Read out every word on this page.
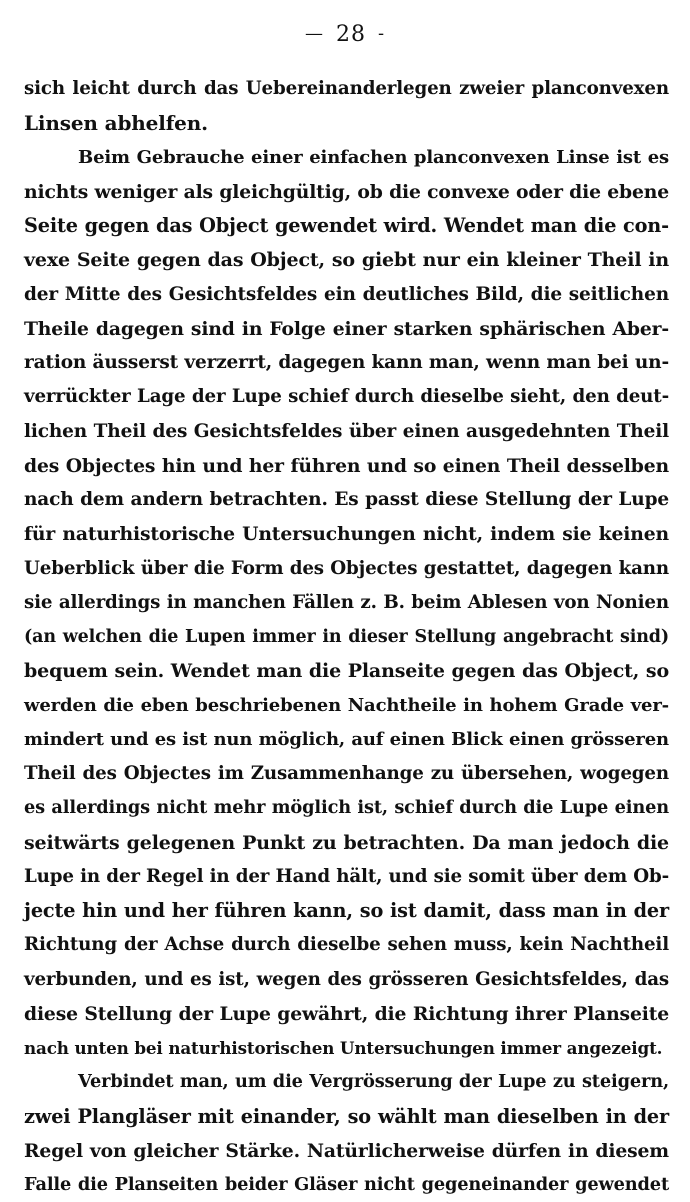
— 28 -
sich leicht durch das Uebereinanderlegen zweier planconvexen
Linsen abhelfen.
Beim Gebrauche einer einfachen planconvexen Linse ist es
nichts weniger als gleichgültig, ob die convexe oder die ebene
Seite gegen das Object gewendet wird. Wendet man die con-
vexe Seite gegen das Object, so giebt nur ein kleiner Theil in
der Mitte des Gesichtsfeldes ein deutliches Bild, die seitlichen
Theile dagegen sind in Folge einer starken sphärischen Aber-
ration äusserst verzerrt, dagegen kann man, wenn man bei un-
verrückter Lage der Lupe schief durch dieselbe sieht, den deut-
lichen Theil des Gesichtsfeldes über einen ausgedehnten Theil
des Objectes hin und her führen und so einen Theil desselben
nach dem andern betrachten. Es passt diese Stellung der Lupe
für naturhistorische Untersuchungen nicht, indem sie keinen
Ueberblick über die Form des Objectes gestattet, dagegen kann
sie allerdings in manchen Fällen z. B. beim Ablesen von Nonien
(an welchen die Lupen immer in dieser Stellung angebracht sind)
bequem sein. Wendet man die Planseite gegen das Object, so
werden die eben beschriebenen Nachtheile in hohem Grade ver-
mindert und es ist nun möglich, auf einen Blick einen grösseren
Theil des Objectes im Zusammenhange zu übersehen, wogegen
es allerdings nicht mehr möglich ist, schief durch die Lupe einen
seitwärts gelegenen Punkt zu betrachten. Da man jedoch die
Lupe in der Regel in der Hand hält, und sie somit über dem Ob-
jecte hin und her führen kann, so ist damit, dass man in der
Richtung der Achse durch dieselbe sehen muss, kein Nachtheil
verbunden, und es ist, wegen des grösseren Gesichtsfeldes, das
diese Stellung der Lupe gewährt, die Richtung ihrer Planseite
nach unten bei naturhistorischen Untersuchungen immer angezeigt.
Verbindet man, um die Vergrösserung der Lupe zu steigern,
zwei Plangläser mit einander, so wählt man dieselben in der
Regel von gleicher Stärke. Natürlicherweise dürfen in diesem
Falle die Planseiten beider Gläser nicht gegeneinander gewendet
